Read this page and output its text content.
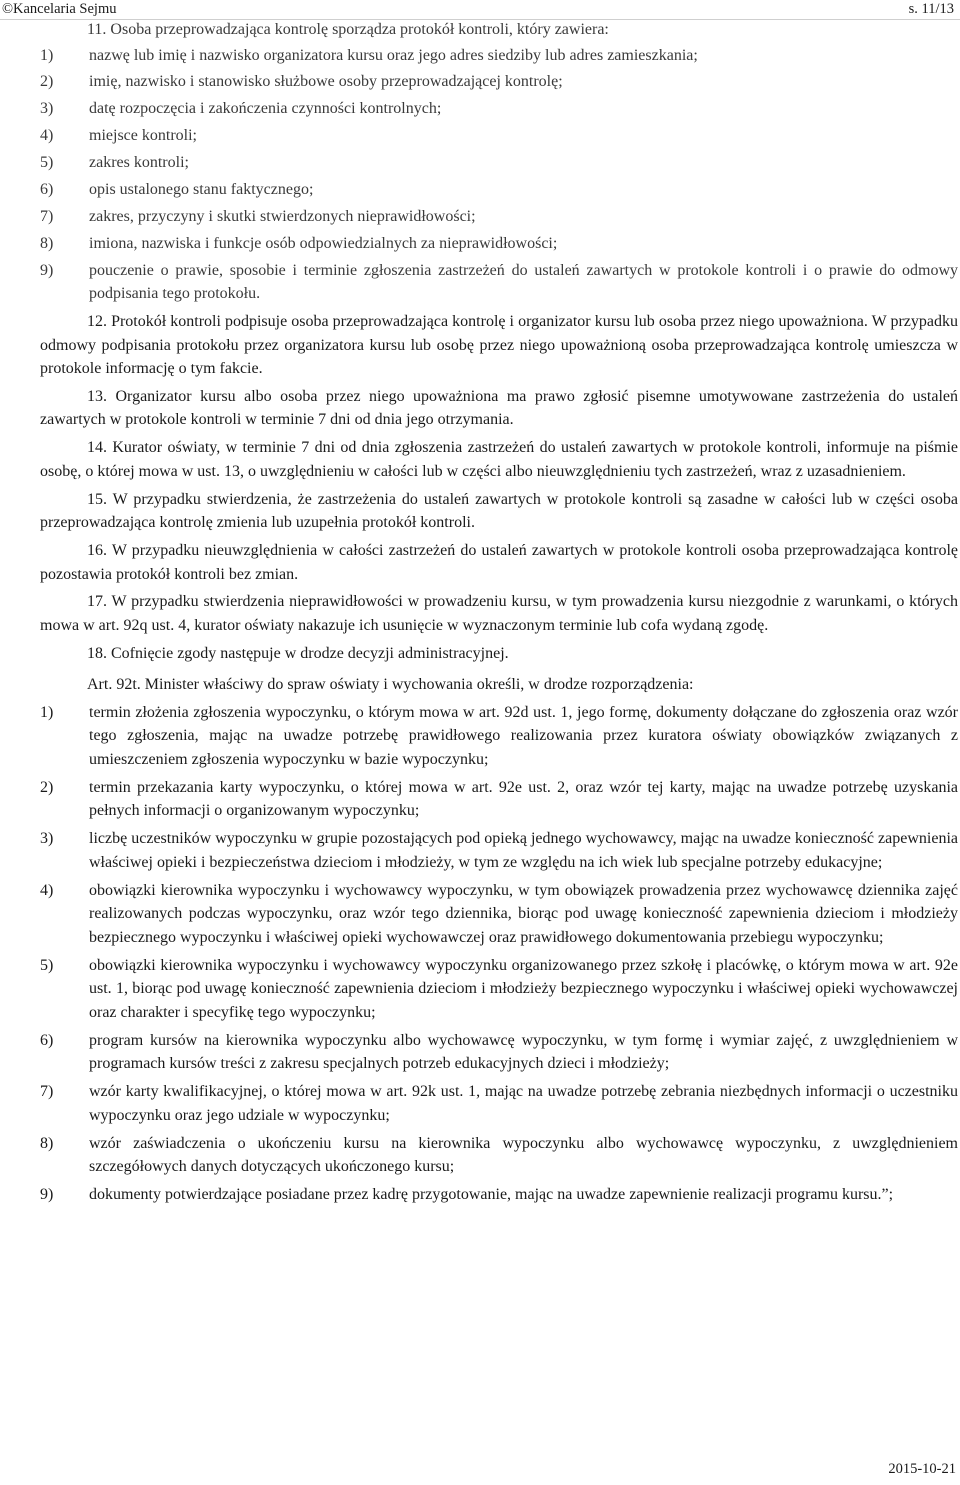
©Kancelaria Sejmu	s. 11/13
11. Osoba przeprowadzająca kontrolę sporządza protokół kontroli, który zawiera:
1) nazwę lub imię i nazwisko organizatora kursu oraz jego adres siedziby lub adres zamieszkania;
2) imię, nazwisko i stanowisko służbowe osoby przeprowadzającej kontrolę;
3) datę rozpoczęcia i zakończenia czynności kontrolnych;
4) miejsce kontroli;
5) zakres kontroli;
6) opis ustalonego stanu faktycznego;
7) zakres, przyczyny i skutki stwierdzonych nieprawidłowości;
8) imiona, nazwiska i funkcje osób odpowiedzialnych za nieprawidłowości;
9) pouczenie o prawie, sposobie i terminie zgłoszenia zastrzeżeń do ustaleń zawartych w protokole kontroli i o prawie do odmowy podpisania tego protokołu.
12. Protokół kontroli podpisuje osoba przeprowadzająca kontrolę i organizator kursu lub osoba przez niego upoważniona. W przypadku odmowy podpisania protokołu przez organizatora kursu lub osobę przez niego upoważnioną osoba przeprowadzająca kontrolę umieszcza w protokole informację o tym fakcie.
13. Organizator kursu albo osoba przez niego upoważniona ma prawo zgłosić pisemne umotywowane zastrzeżenia do ustaleń zawartych w protokole kontroli w terminie 7 dni od dnia jego otrzymania.
14. Kurator oświaty, w terminie 7 dni od dnia zgłoszenia zastrzeżeń do ustaleń zawartych w protokole kontroli, informuje na piśmie osobę, o której mowa w ust. 13, o uwzględnieniu w całości lub w części albo nieuwzględnieniu tych zastrzeżeń, wraz z uzasadnieniem.
15. W przypadku stwierdzenia, że zastrzeżenia do ustaleń zawartych w protokole kontroli są zasadne w całości lub w części osoba przeprowadzająca kontrolę zmienia lub uzupełnia protokół kontroli.
16. W przypadku nieuwzględnienia w całości zastrzeżeń do ustaleń zawartych w protokole kontroli osoba przeprowadzająca kontrolę pozostawia protokół kontroli bez zmian.
17. W przypadku stwierdzenia nieprawidłowości w prowadzeniu kursu, w tym prowadzenia kursu niezgodnie z warunkami, o których mowa w art. 92q ust. 4, kurator oświaty nakazuje ich usunięcie w wyznaczonym terminie lub cofa wydaną zgodę.
18. Cofnięcie zgody następuje w drodze decyzji administracyjnej.
Art. 92t. Minister właściwy do spraw oświaty i wychowania określi, w drodze rozporządzenia:
1) termin złożenia zgłoszenia wypoczynku, o którym mowa w art. 92d ust. 1, jego formę, dokumenty dołączane do zgłoszenia oraz wzór tego zgłoszenia, mając na uwadze potrzebę prawidłowego realizowania przez kuratora oświaty obowiązków związanych z umieszczeniem zgłoszenia wypoczynku w bazie wypoczynku;
2) termin przekazania karty wypoczynku, o której mowa w art. 92e ust. 2, oraz wzór tej karty, mając na uwadze potrzebę uzyskania pełnych informacji o organizowanym wypoczynku;
3) liczbę uczestników wypoczynku w grupie pozostających pod opieką jednego wychowawcy, mając na uwadze konieczność zapewnienia właściwej opieki i bezpieczeństwa dzieciom i młodzieży, w tym ze względu na ich wiek lub specjalne potrzeby edukacyjne;
4) obowiązki kierownika wypoczynku i wychowawcy wypoczynku, w tym obowiązek prowadzenia przez wychowawcę dziennika zajęć realizowanych podczas wypoczynku, oraz wzór tego dziennika, biorąc pod uwagę konieczność zapewnienia dzieciom i młodzieży bezpiecznego wypoczynku i właściwej opieki wychowawczej oraz prawidłowego dokumentowania przebiegu wypoczynku;
5) obowiązki kierownika wypoczynku i wychowawcy wypoczynku organizowanego przez szkołę i placówkę, o którym mowa w art. 92e ust. 1, biorąc pod uwagę konieczność zapewnienia dzieciom i młodzieży bezpiecznego wypoczynku i właściwej opieki wychowawczej oraz charakter i specyfikę tego wypoczynku;
6) program kursów na kierownika wypoczynku albo wychowawcę wypoczynku, w tym formę i wymiar zajęć, z uwzględnieniem w programach kursów treści z zakresu specjalnych potrzeb edukacyjnych dzieci i młodzieży;
7) wzór karty kwalifikacyjnej, o której mowa w art. 92k ust. 1, mając na uwadze potrzebę zebrania niezbędnych informacji o uczestniku wypoczynku oraz jego udziale w wypoczynku;
8) wzór zaświadczenia o ukończeniu kursu na kierownika wypoczynku albo wychowawcę wypoczynku, z uwzględnieniem szczegółowych danych dotyczących ukończonego kursu;
9) dokumenty potwierdzające posiadane przez kadrę przygotowanie, mając na uwadze zapewnienie realizacji programu kursu.”;
2015-10-21
